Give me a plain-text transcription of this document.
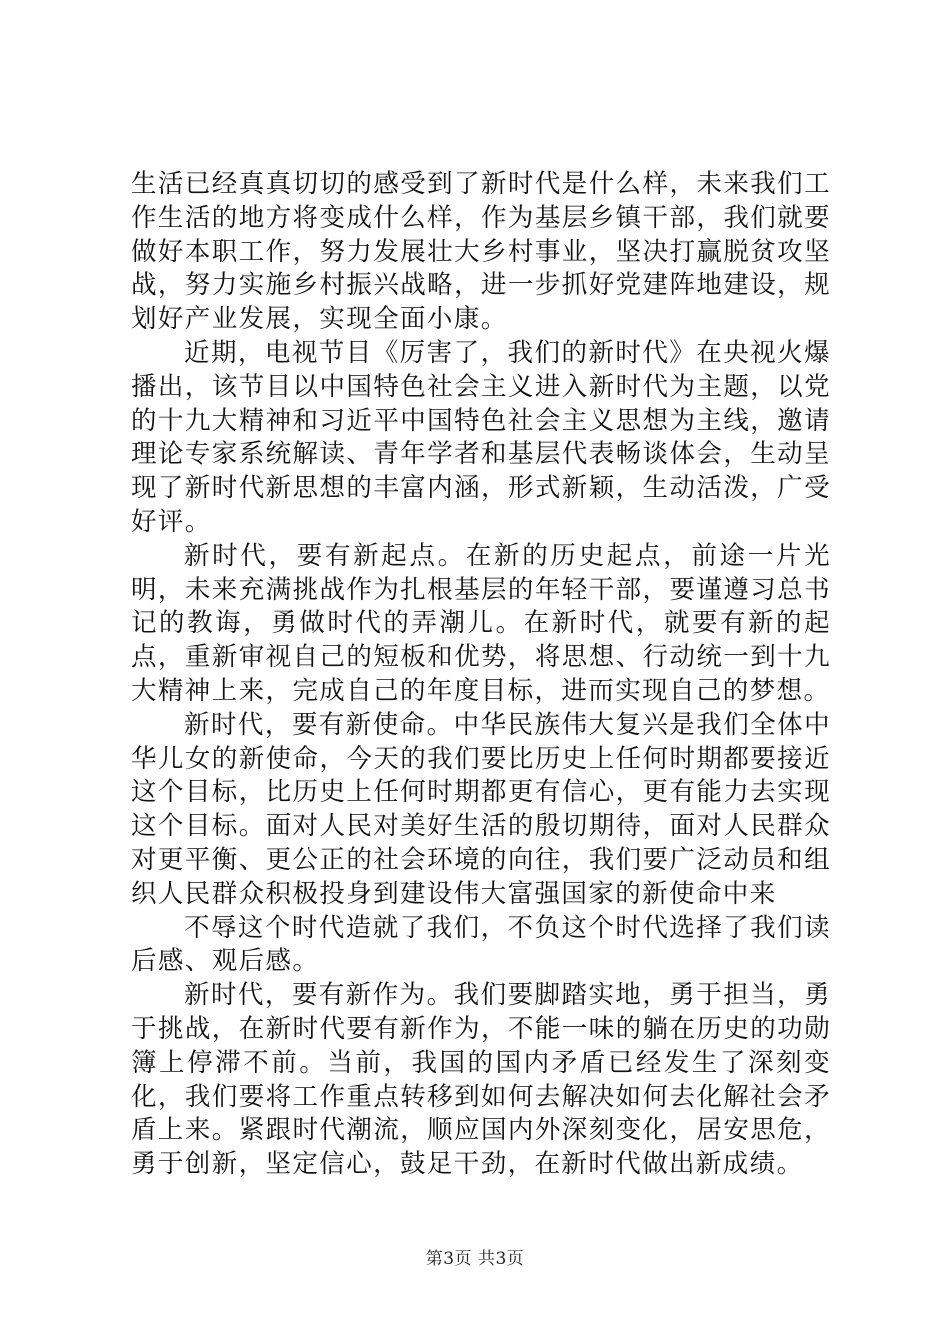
生活已经真真切切的感受到了新时代是什么样，未来我们工作生活的地方将变成什么样，作为基层乡镇干部，我们就要做好本职工作，努力发展壮大乡村事业，坚决打赢脱贫攻坚战，努力实施乡村振兴战略，进一步抓好党建阵地建设，规划好产业发展，实现全面小康。

近期，电视节目《厉害了，我们的新时代》在央视火爆播出，该节目以中国特色社会主义进入新时代为主题，以党的十九大精神和习近平中国特色社会主义思想为主线，邀请理论专家系统解读、青年学者和基层代表畅谈体会，生动呈现了新时代新思想的丰富内涵，形式新颖，生动活泼，广受好评。

新时代，要有新起点。在新的历史起点，前途一片光明，未来充满挑战作为扎根基层的年轻干部，要谨遵习总书记的教诲，勇做时代的弄潮儿。在新时代，就要有新的起点，重新审视自己的短板和优势，将思想、行动统一到十九大精神上来，完成自己的年度目标，进而实现自己的梦想。

新时代，要有新使命。中华民族伟大复兴是我们全体中华儿女的新使命，今天的我们要比历史上任何时期都要接近这个目标，比历史上任何时期都更有信心，更有能力去实现这个目标。面对人民对美好生活的殷切期待，面对人民群众对更平衡、更公正的社会环境的向往，我们要广泛动员和组织人民群众积极投身到建设伟大富强国家的新使命中来

不辱这个时代造就了我们，不负这个时代选择了我们读后感、观后感。

新时代，要有新作为。我们要脚踏实地，勇于担当，勇于挑战，在新时代要有新作为，不能一味的躺在历史的功勋簿上停滞不前。当前，我国的国内矛盾已经发生了深刻变化，我们要将工作重点转移到如何去解决如何去化解社会矛盾上来。紧跟时代潮流，顺应国内外深刻变化，居安思危，勇于创新，坚定信心，鼓足干劲，在新时代做出新成绩。

第3页 共3页
